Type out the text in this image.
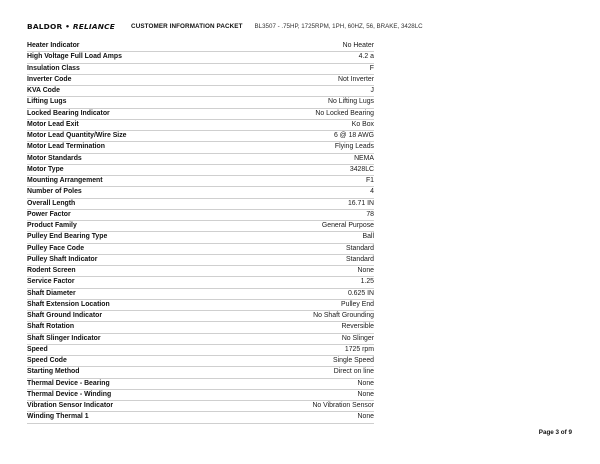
BALDOR • RELIANCE	CUSTOMER INFORMATION PACKET BL3507 - .75HP, 1725RPM, 1PH, 60HZ, 56, BRAKE, 3428LC
Heater Indicator	No Heater
High Voltage Full Load Amps	4.2 a
Insulation Class	F
Inverter Code	Not Inverter
KVA Code	J
Lifting Lugs	No Lifting Lugs
Locked Bearing Indicator	No Locked Bearing
Motor Lead Exit	Ko Box
Motor Lead Quantity/Wire Size	6 @ 18 AWG
Motor Lead Termination	Flying Leads
Motor Standards	NEMA
Motor Type	3428LC
Mounting Arrangement	F1
Number of Poles	4
Overall Length	16.71 IN
Power Factor	78
Product Family	General Purpose
Pulley End Bearing Type	Ball
Pulley Face Code	Standard
Pulley Shaft Indicator	Standard
Rodent Screen	None
Service Factor	1.25
Shaft Diameter	0.625 IN
Shaft Extension Location	Pulley End
Shaft Ground Indicator	No Shaft Grounding
Shaft Rotation	Reversible
Shaft Slinger Indicator	No Slinger
Speed	1725 rpm
Speed Code	Single Speed
Starting Method	Direct on line
Thermal Device - Bearing	None
Thermal Device - Winding	None
Vibration Sensor Indicator	No Vibration Sensor
Winding Thermal 1	None
Page 3 of 9
